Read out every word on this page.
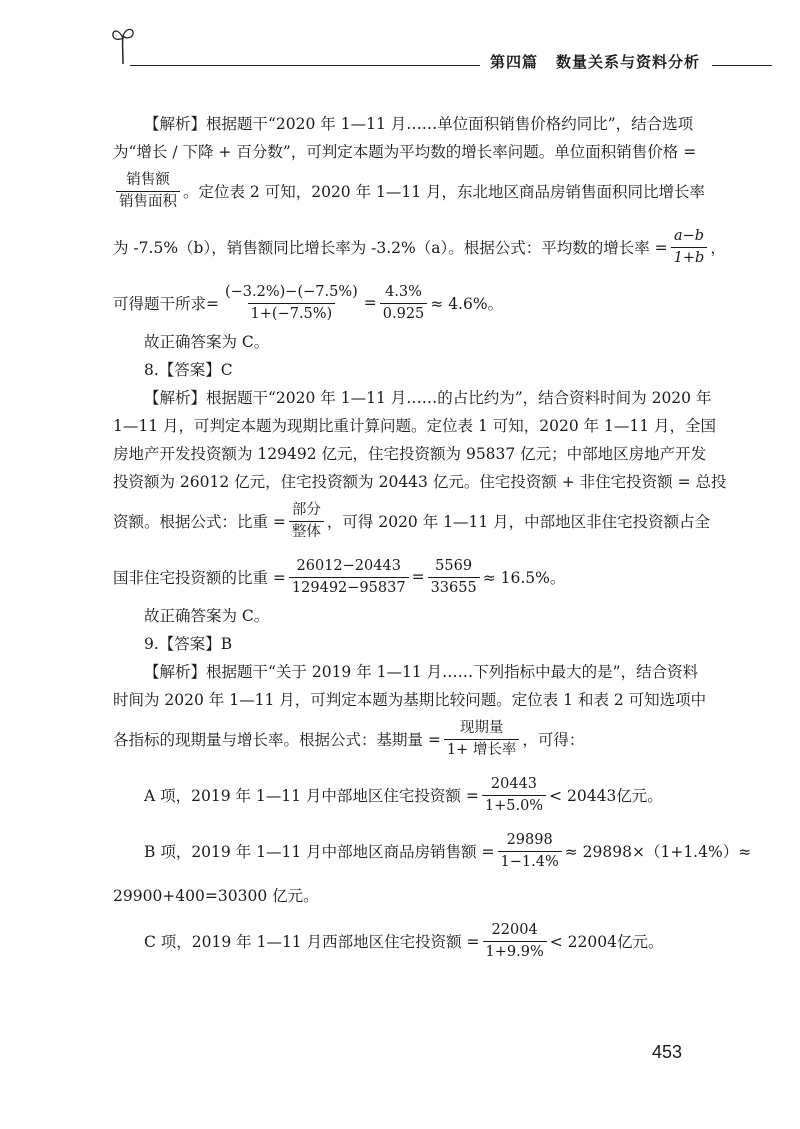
第四篇 数量关系与资料分析

【解析】根据题干“2020 年 1—11 月……单位面积销售价格约同比”，结合选项

为“增长 / 下降 + 百分数”，可判定本题为平均数的增长率问题。单位面积销售价格 =

$\frac{\text{销售额}}{\text{销售面积}}$ 。定位表 2 可知，2020 年 1—11 月，东北地区商品房销售面积同比增长率
为 -7.5%（b），销售额同比增长率为 -3.2%（a）。根据公式：平均数的增长率 = $\frac{a-b}{1+b}$ ，
可得题干所求= $\frac{(-3.2\%)-(-7.5\%)}{1+(-7.5\%)} = \frac{4.3\%}{0.925} \approx 4.6\%$。

故正确答案为 C。

8.【答案】C

【解析】根据题干“2020 年 1—11 月……的占比约为”，结合资料时间为 2020 年

1—11 月，可判定本题为现期比重计算问题。定位表 1 可知，2020 年 1—11 月，全国

房地产开发投资额为 129492 亿元，住宅投资额为 95837 亿元；中部地区房地产开发

投资额为 26012 亿元，住宅投资额为 20443 亿元。住宅投资额 + 非住宅投资额 = 总投

资额。根据公式：比重 = $\frac{\text{部分}}{\text{整体}}$ ，可得 2020 年 1—11 月，中部地区非住宅投资额占全
国非住宅投资额的比重 = $\frac{26012-20443}{129492-95837} = \frac{5569}{33655} \approx 16.5\%$。

故正确答案为 C。

9.【答案】B

【解析】根据题干“关于 2019 年 1—11 月……下列指标中最大的是”，结合资料

时间为 2020 年 1—11 月，可判定本题为基期比较问题。定位表 1 和表 2 可知选项中

各指标的现期量与增长率。根据公式：基期量 = $\frac{\text{现期量}}{\text{1+ 增长率}}$ ，可得：
A 项，2019 年 1—11 月中部地区住宅投资额 = $\frac{20443}{1+5.0\%} < 20443$亿元。
B 项，2019 年 1—11 月中部地区商品房销售额 = $\frac{29898}{1-1.4\%} \approx 29898\times(1+1.4\%)\approx$

29900+400=30300 亿元。

C 项，2019 年 1—11 月西部地区住宅投资额 = $\frac{22004}{1+9.9\%} < 22004$亿元。
453
